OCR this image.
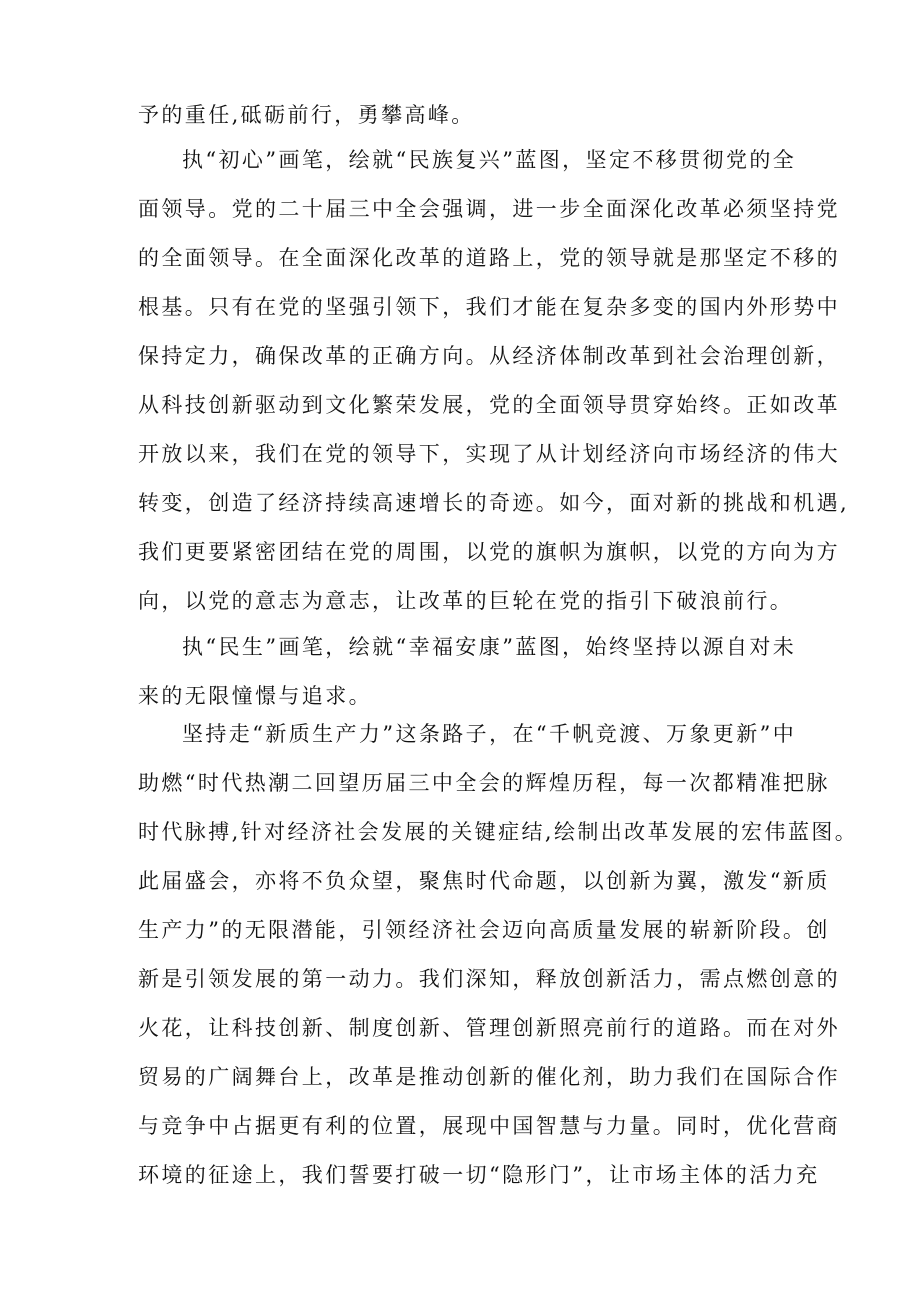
予的重任,砥砺前行，勇攀高峰。
执“初心”画笔，绘就“民族复兴”蓝图，坚定不移贯彻党的全
面领导。党的二十届三中全会强调，进一步全面深化改革必须坚持党
的全面领导。在全面深化改革的道路上，党的领导就是那坚定不移的
根基。只有在党的坚强引领下，我们才能在复杂多变的国内外形势中
保持定力，确保改革的正确方向。从经济体制改革到社会治理创新，
从科技创新驱动到文化繁荣发展，党的全面领导贯穿始终。正如改革
开放以来，我们在党的领导下，实现了从计划经济向市场经济的伟大
转变，创造了经济持续高速增长的奇迹。如今，面对新的挑战和机遇,
我们更要紧密团结在党的周围，以党的旗帜为旗帜，以党的方向为方
向，以党的意志为意志，让改革的巨轮在党的指引下破浪前行。
执“民生”画笔，绘就“幸福安康”蓝图，始终坚持以源自对未
来的无限憧憬与追求。
坚持走“新质生产力”这条路子，在“千帆竞渡、万象更新”中
助燃“时代热潮二回望历届三中全会的辉煌历程，每一次都精准把脉
时代脉搏,针对经济社会发展的关键症结,绘制出改革发展的宏伟蓝图。
此届盛会，亦将不负众望，聚焦时代命题，以创新为翼，激发“新质
生产力”的无限潜能，引领经济社会迈向高质量发展的崭新阶段。创
新是引领发展的第一动力。我们深知，释放创新活力，需点燃创意的
火花，让科技创新、制度创新、管理创新照亮前行的道路。而在对外
贸易的广阔舞台上，改革是推动创新的催化剂，助力我们在国际合作
与竞争中占据更有利的位置，展现中国智慧与力量。同时，优化营商
环境的征途上，我们誓要打破一切“隐形门”，让市场主体的活力充
